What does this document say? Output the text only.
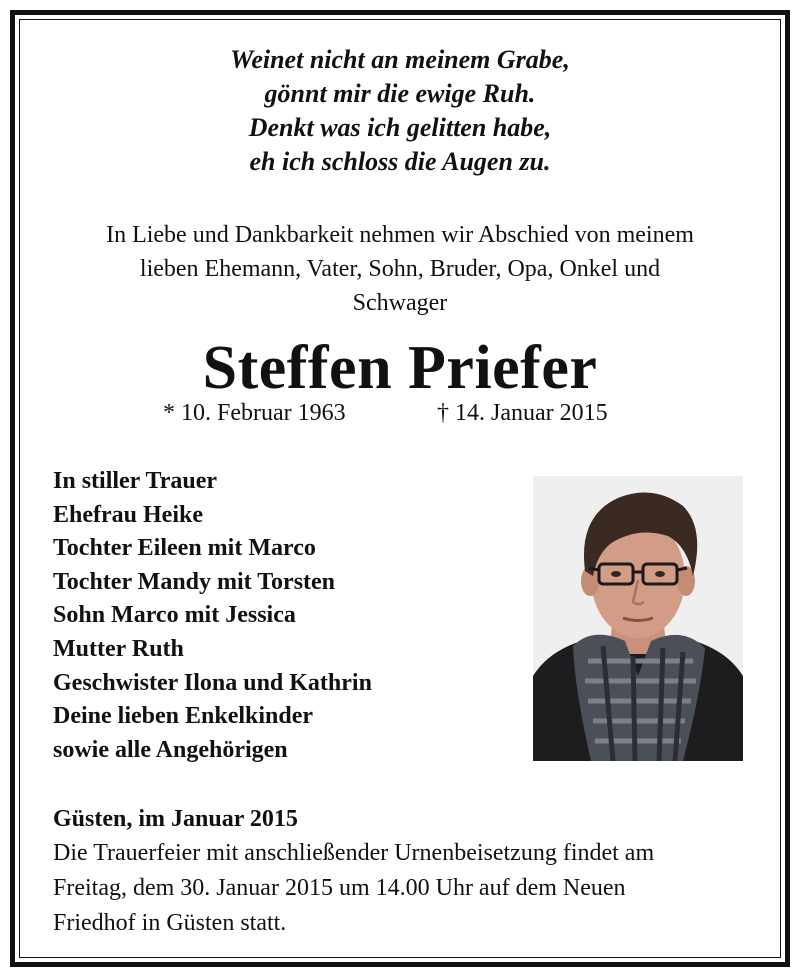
Weinet nicht an meinem Grabe,
gönnt mir die ewige Ruh.
Denkt was ich gelitten habe,
eh ich schloss die Augen zu.
In Liebe und Dankbarkeit nehmen wir Abschied von meinem
lieben Ehemann, Vater, Sohn, Bruder, Opa, Onkel und
Schwager
Steffen Priefer
* 10. Februar 1963	† 14. Januar 2015
In stiller Trauer
Ehefrau Heike
Tochter Eileen mit Marco
Tochter Mandy mit Torsten
Sohn Marco mit Jessica
Mutter Ruth
Geschwister Ilona und Kathrin
Deine lieben Enkelkinder
sowie alle Angehörigen
Güsten, im Januar 2015
Die Trauerfeier mit anschließender Urnenbeisetzung findet am
Freitag, dem 30. Januar 2015 um 14.00 Uhr auf dem Neuen
Friedhof in Güsten statt.
